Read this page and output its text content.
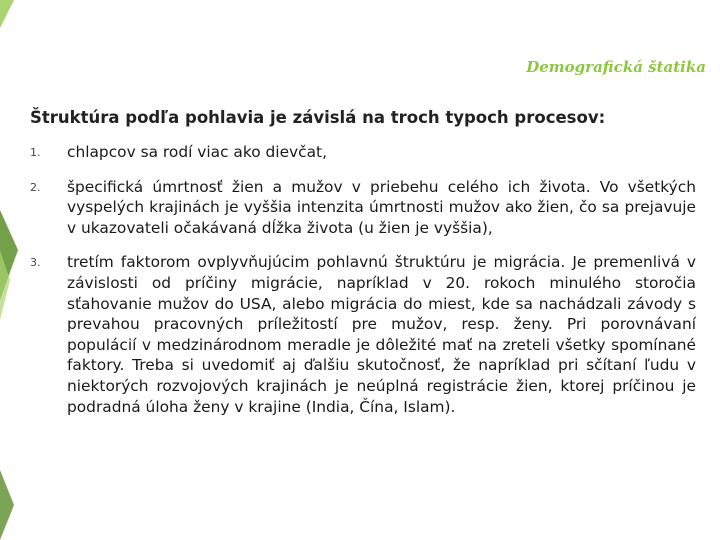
Demografická štatika
Štruktúra podľa pohlavia je závislá na troch typoch procesov:
1. chlapcov sa rodí viac ako dievčat,
2. špecifická úmrtnosť žien a mužov v priebehu celého ich života. Vo všetkých vyspelých krajinách je vyššia intenzita úmrtnosti mužov ako žien, čo sa prejavuje v ukazovateli očakávaná dĺžka života (u žien je vyššia),
3. tretím faktorom ovplyvňujúcim pohlavnú štruktúru je migrácia. Je premenlivá v závislosti od príčiny migrácie, napríklad v 20. rokoch minulého storočia sťahovanie mužov do USA, alebo migrácia do miest, kde sa nachádzali závody s prevahou pracovných príležitostí pre mužov, resp. ženy. Pri porovnávaní populácií v medzinárodnom meradle je dôležité mať na zreteli všetky spomínané faktory. Treba si uvedomiť aj ďalšiu skutočnosť, že napríklad pri sčítaní ľudu v niektorých rozvojových krajinách je neúplná registrácie žien, ktorej príčinou je podradná úloha ženy v krajine (India, Čína, Islam).
